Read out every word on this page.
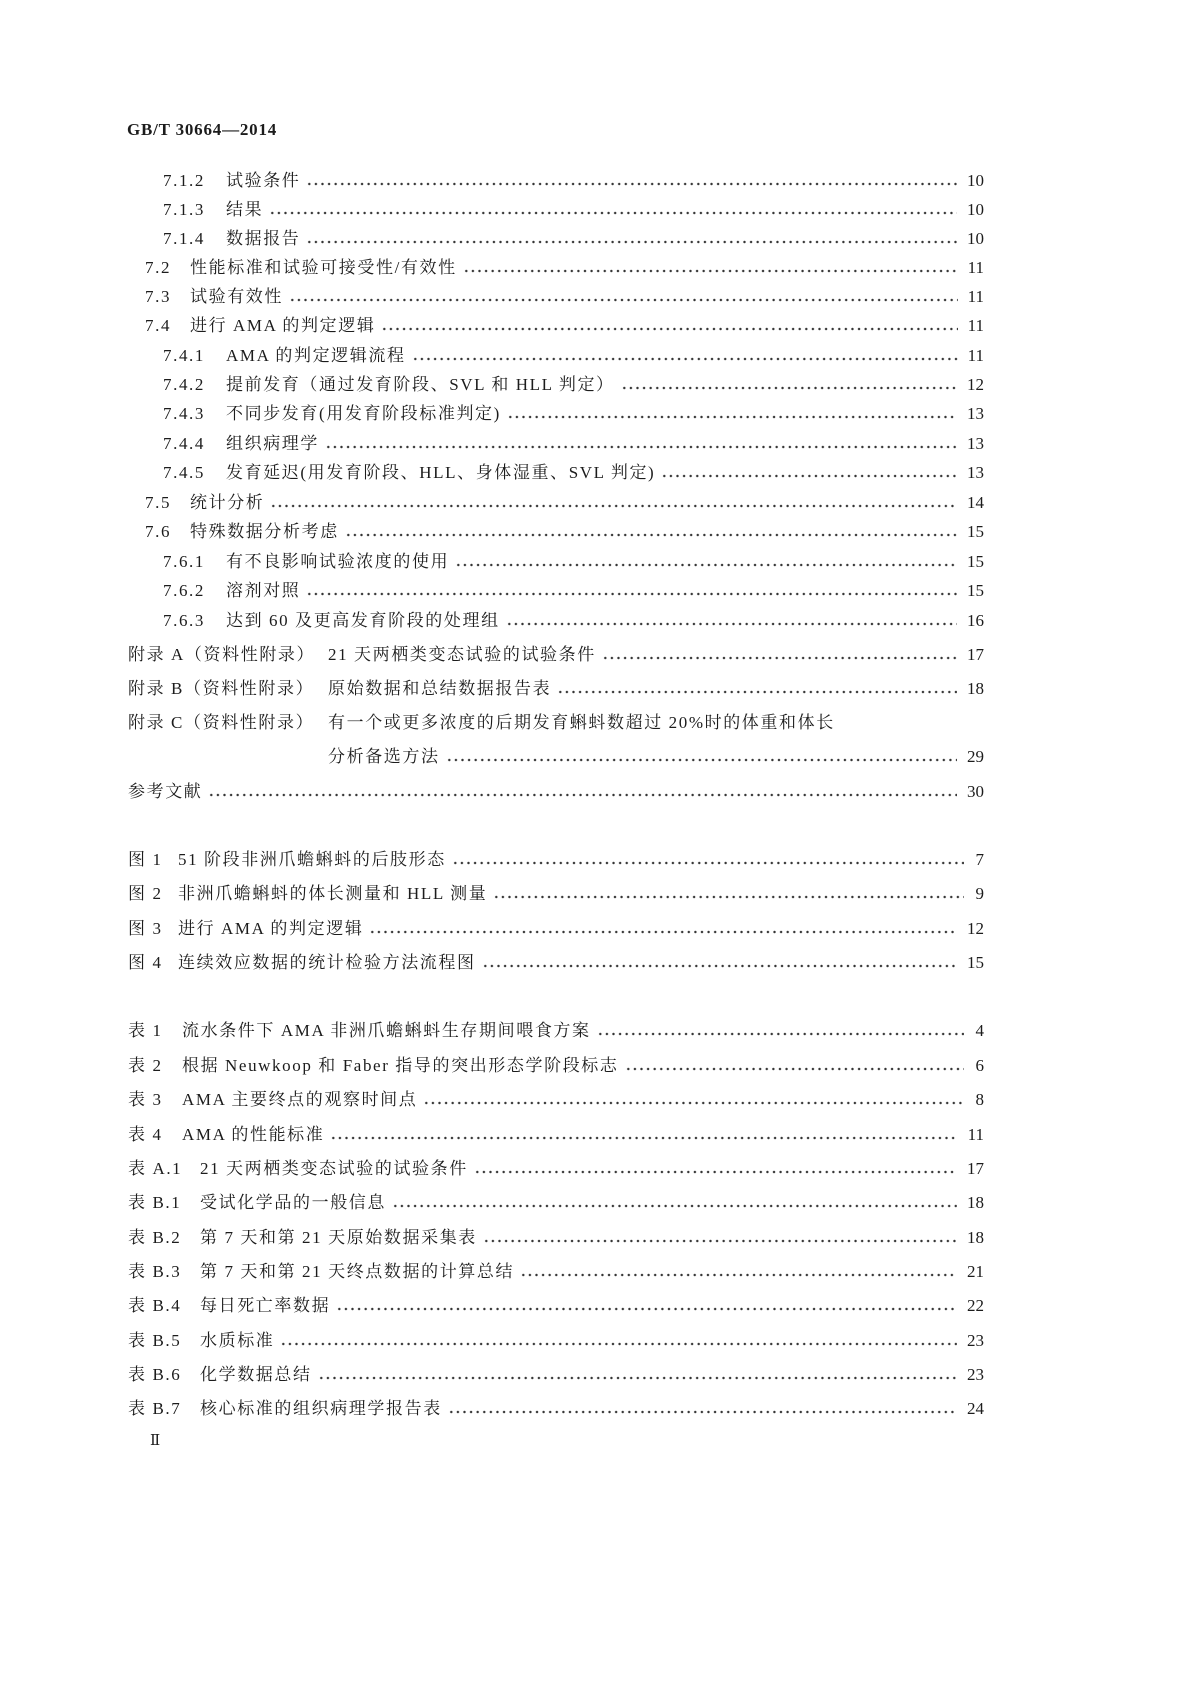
GB/T 30664—2014
7.1.2	试验条件	10
7.1.3	结果	10
7.1.4	数据报告	10
7.2	性能标准和试验可接受性/有效性	11
7.3	试验有效性	11
7.4	进行 AMA 的判定逻辑	11
7.4.1	AMA 的判定逻辑流程	11
7.4.2	提前发育（通过发育阶段、SVL 和 HLL 判定）	12
7.4.3	不同步发育(用发育阶段标准判定)	13
7.4.4	组织病理学	13
7.4.5	发育延迟(用发育阶段、HLL、身体湿重、SVL 判定)	13
7.5	统计分析	14
7.6	特殊数据分析考虑	15
7.6.1	有不良影响试验浓度的使用	15
7.6.2	溶剂对照	15
7.6.3	达到 60 及更高发育阶段的处理组	16
附录 A（资料性附录） 21 天两栖类变态试验的试验条件	17
附录 B（资料性附录） 原始数据和总结数据报告表	18
附录 C（资料性附录） 有一个或更多浓度的后期发育蝌蚪数超过 20%时的体重和体长
分析备选方法	29
参考文献	30
图 1 51 阶段非洲爪蟾蝌蚪的后肢形态	7
图 2 非洲爪蟾蝌蚪的体长测量和 HLL 测量	9
图 3 进行 AMA 的判定逻辑	12
图 4 连续效应数据的统计检验方法流程图	15
表 1	流水条件下 AMA 非洲爪蟾蝌蚪生存期间喂食方案	4
表 2	根据 Neuwkoop 和 Faber 指导的突出形态学阶段标志	6
表 3	AMA 主要终点的观察时间点	8
表 4	AMA 的性能标准	11
表 A.1	21 天两栖类变态试验的试验条件	17
表 B.1	受试化学品的一般信息	18
表 B.2	第 7 天和第 21 天原始数据采集表	18
表 B.3	第 7 天和第 21 天终点数据的计算总结	21
表 B.4	每日死亡率数据	22
表 B.5	水质标准	23
表 B.6	化学数据总结	23
表 B.7	核心标准的组织病理学报告表	24
Ⅱ
